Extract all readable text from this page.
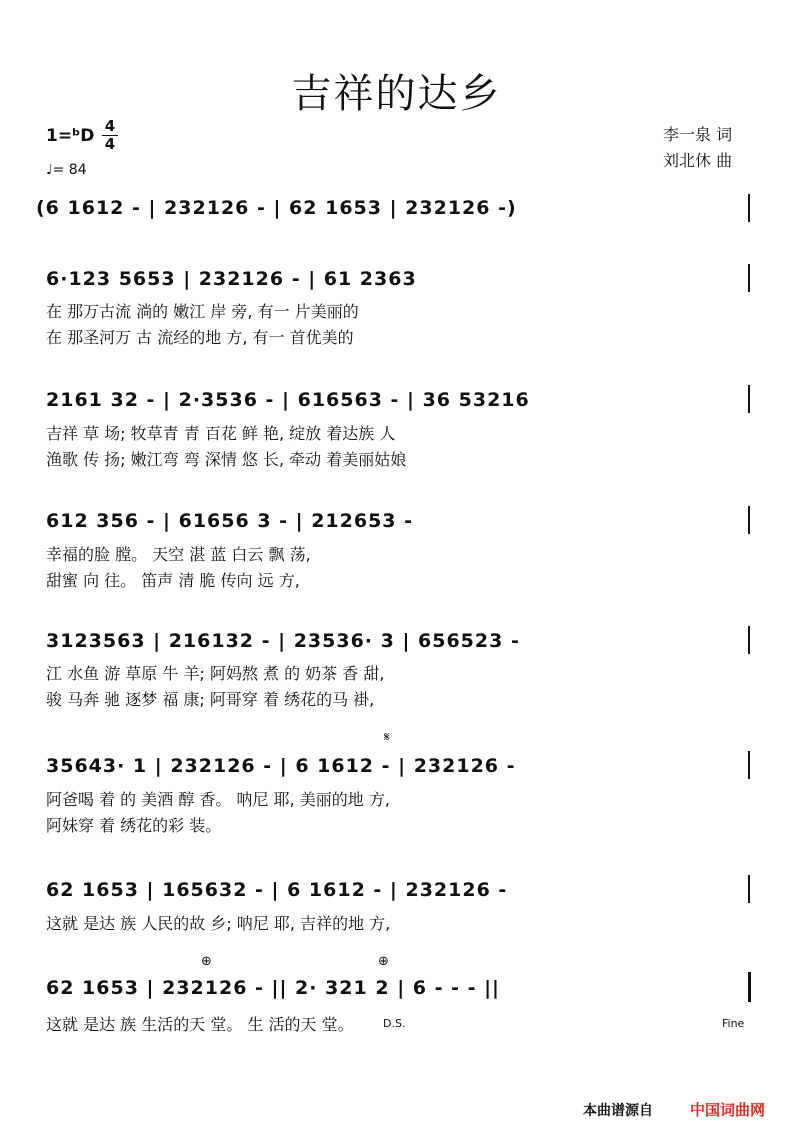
吉祥的达乡
李一泉 词
刘北休 曲
1=ᵇD 4
4
♩= 84
(6 1612 - | 232126 - | 62 1653 | 232126 -)
6·123 5653 | 232126 - | 61 2363
在 那万古流 淌的 嫩江 岸 旁, 有一 片美丽的
在 那圣河万 古 流经的地 方, 有一 首优美的
2161 32 - | 2·3536 - | 616563 - | 36 53216
吉祥 草 场; 牧草青 青 百花 鲜 艳, 绽放 着达族 人
渔歌 传 扬; 嫩江弯 弯 深情 悠 长, 牵动 着美丽姑娘
612 356 - | 61656 3 - | 212653 -
幸福的脸 膛。 天空 湛 蓝 白云 飘 荡,
甜蜜 向 往。 笛声 清 脆 传向 远 方,
3123563 | 216132 - | 23536· 3 | 656523 -
江 水鱼 游 草原 牛 羊; 阿妈熬 煮 的 奶茶 香 甜,
骏 马奔 驰 逐梦 福 康; 阿哥穿 着 绣花的马 褂,
𝄋
35643· 1 | 232126 - | 6 1612 - | 232126 -
阿爸喝 着 的 美酒 醇 香。 呐尼 耶, 美丽的地 方,
阿妹穿 着 绣花的彩 装。
62 1653 | 165632 - | 6 1612 - | 232126 -
这就 是达 族 人民的故 乡; 呐尼 耶, 吉祥的地 方,
⊕	⊕
62 1653 | 232126 - || 2· 321 2 | 6 - - - ||
这就 是达 族 生活的天 堂。 生 活的天 堂。	D.S.	Fine
本曲谱源自 中国词曲网
